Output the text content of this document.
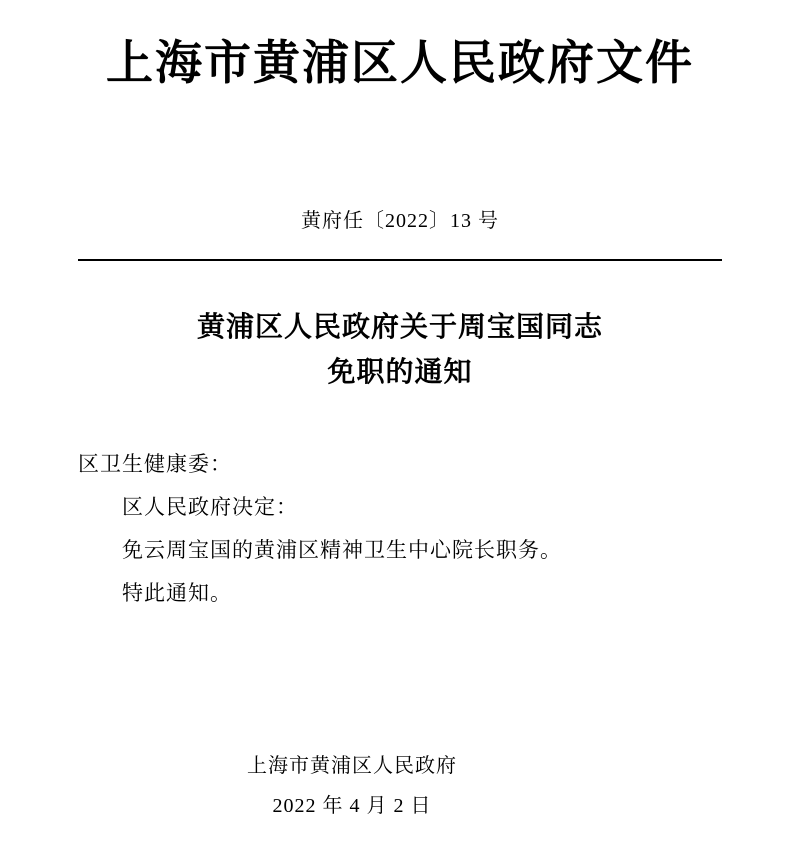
上海市黄浦区人民政府文件
黄府任〔2022〕13 号
黄浦区人民政府关于周宝国同志
免职的通知
区卫生健康委：
区人民政府决定：
免云周宝国的黄浦区精神卫生中心院长职务。
特此通知。
上海市黄浦区人民政府
2022 年 4 月 2 日
